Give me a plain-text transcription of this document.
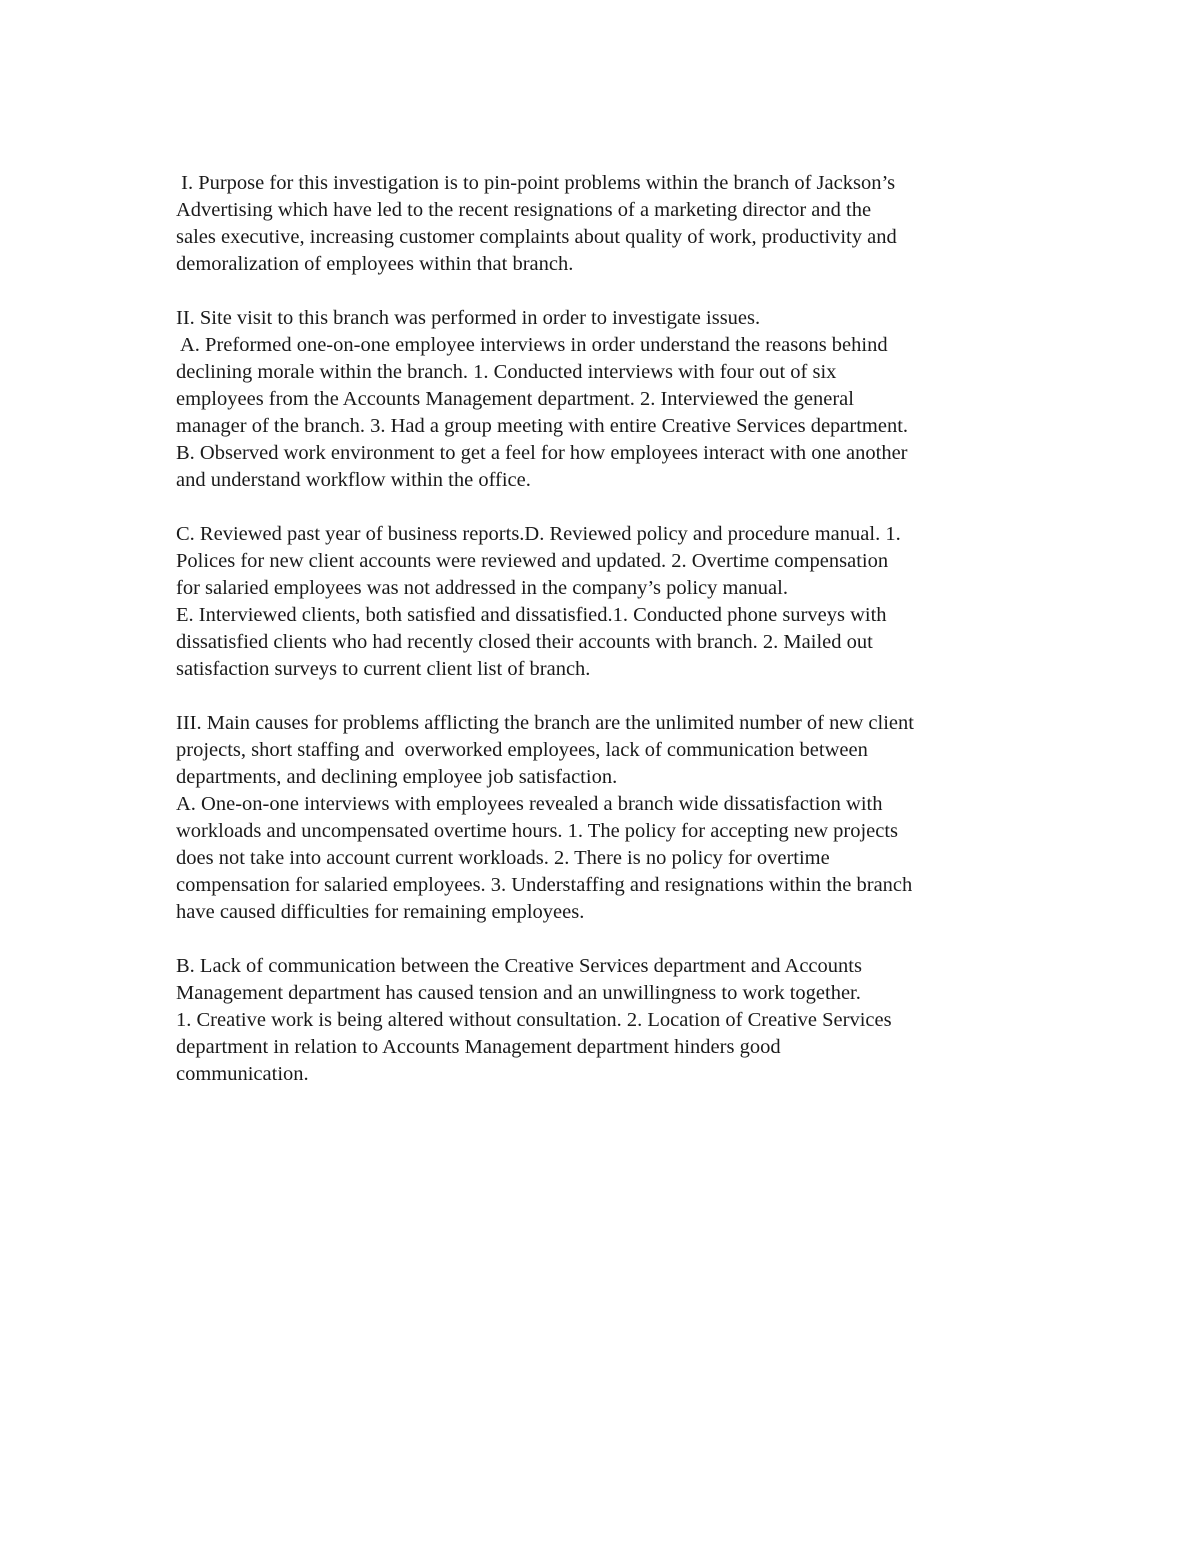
I. Purpose for this investigation is to pin-point problems within the branch of Jackson’s
Advertising which have led to the recent resignations of a marketing director and the
sales executive, increasing customer complaints about quality of work, productivity and
demoralization of employees within that branch.
II. Site visit to this branch was performed in order to investigate issues.
A. Preformed one-on-one employee interviews in order understand the reasons behind
declining morale within the branch. 1. Conducted interviews with four out of six
employees from the Accounts Management department. 2. Interviewed the general
manager of the branch. 3. Had a group meeting with entire Creative Services department.
B. Observed work environment to get a feel for how employees interact with one another
and understand workflow within the office.
C. Reviewed past year of business reports.D. Reviewed policy and procedure manual. 1.
Polices for new client accounts were reviewed and updated. 2. Overtime compensation
for salaried employees was not addressed in the company’s policy manual.
E. Interviewed clients, both satisfied and dissatisfied.1. Conducted phone surveys with
dissatisfied clients who had recently closed their accounts with branch. 2. Mailed out
satisfaction surveys to current client list of branch.
III. Main causes for problems afflicting the branch are the unlimited number of new client
projects, short staffing and  overworked employees, lack of communication between
departments, and declining employee job satisfaction.
A. One-on-one interviews with employees revealed a branch wide dissatisfaction with
workloads and uncompensated overtime hours. 1. The policy for accepting new projects
does not take into account current workloads. 2. There is no policy for overtime
compensation for salaried employees. 3. Understaffing and resignations within the branch
have caused difficulties for remaining employees.
B. Lack of communication between the Creative Services department and Accounts
Management department has caused tension and an unwillingness to work together.
1. Creative work is being altered without consultation. 2. Location of Creative Services
department in relation to Accounts Management department hinders good
communication.
